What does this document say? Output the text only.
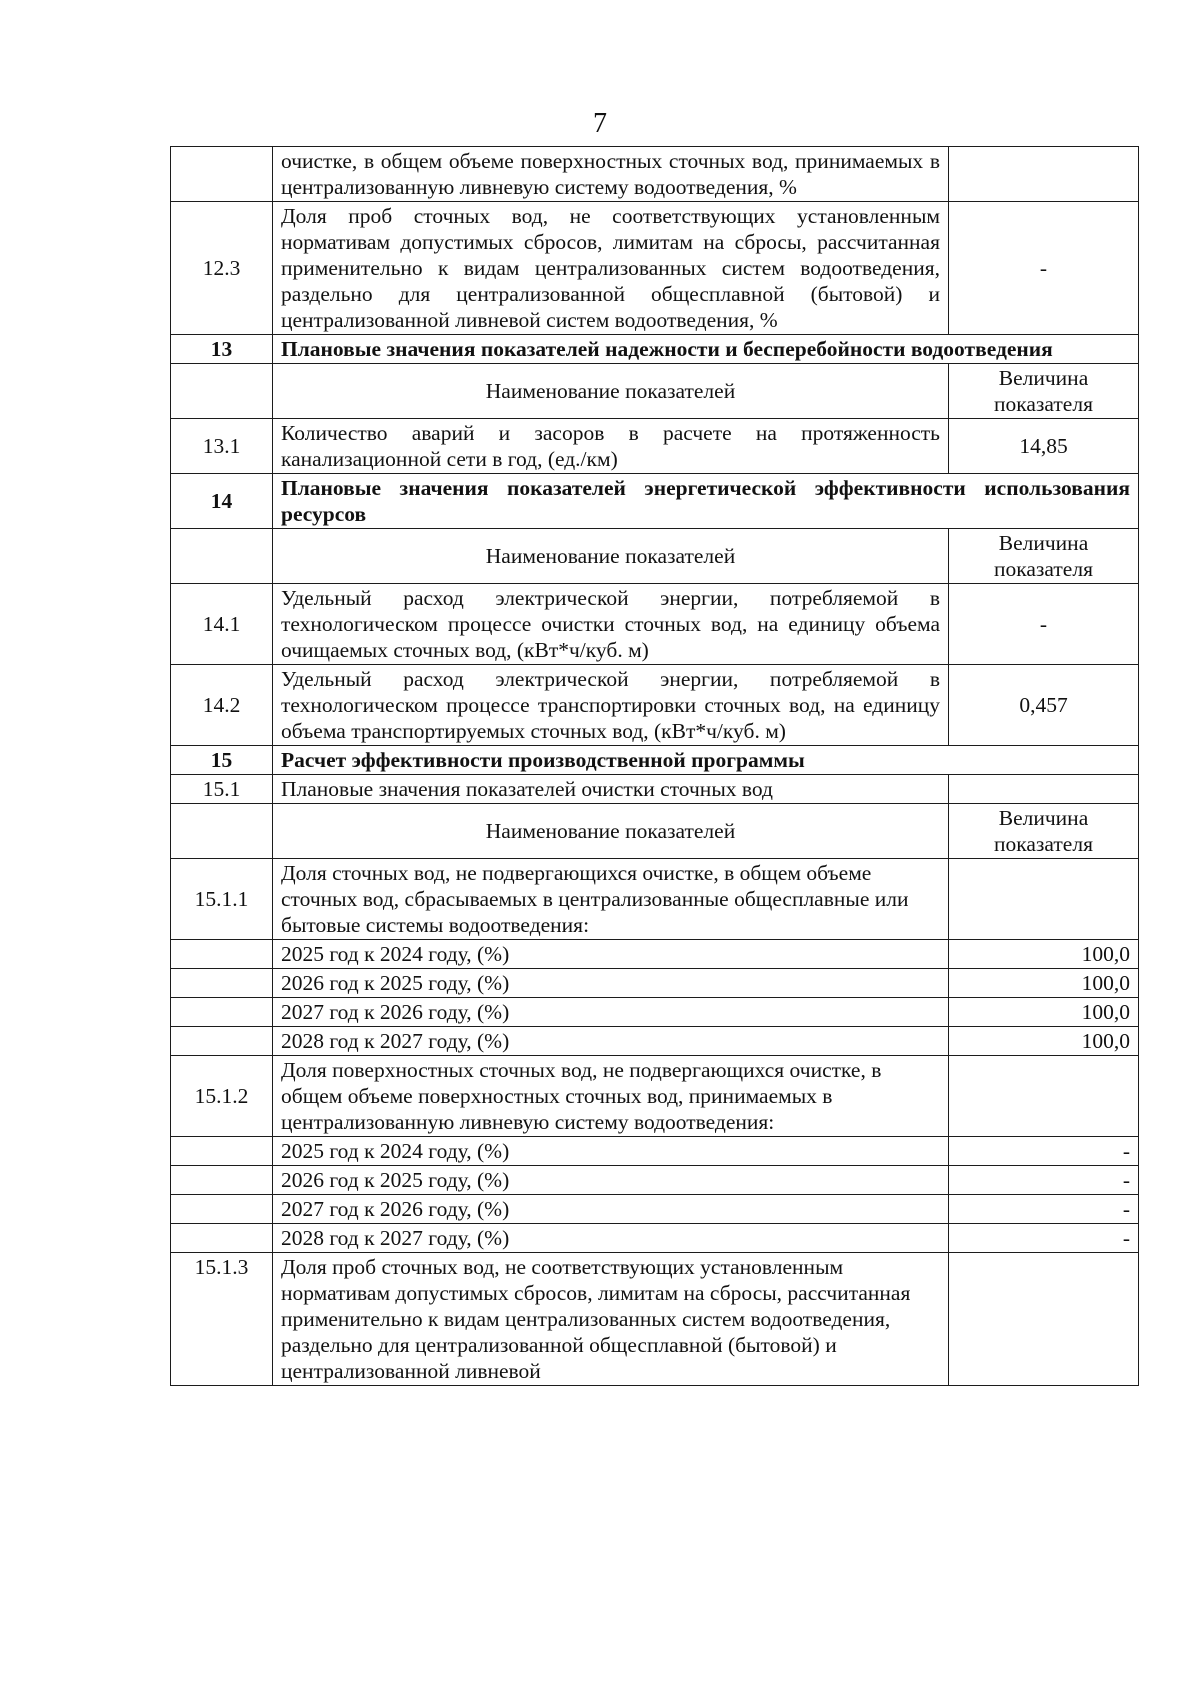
7
	очистке, в общем объеме поверхностных сточных вод, принимаемых в централизованную ливневую систему водоотведения, %	
12.3	Доля проб сточных вод, не соответствующих установленным нормативам допустимых сбросов, лимитам на сбросы, рассчитанная применительно к видам централизованных систем водоотведения, раздельно для централизованной общесплавной (бытовой) и централизованной ливневой систем водоотведения, %	-
13	Плановые значения показателей надежности и бесперебойности водоотведения	
	Наименование показателей	Величина показателя
13.1	Количество аварий и засоров в расчете на протяженность канализационной сети в год, (ед./км)	14,85
14	Плановые значения показателей энергетической эффективности использования ресурсов	
	Наименование показателей	Величина показателя
14.1	Удельный расход электрической энергии, потребляемой в технологическом процессе очистки сточных вод, на единицу объема очищаемых сточных вод, (кВт*ч/куб. м)	-
14.2	Удельный расход электрической энергии, потребляемой в технологическом процессе транспортировки сточных вод, на единицу объема транспортируемых сточных вод, (кВт*ч/куб. м)	0,457
15	Расчет эффективности производственной программы	
15.1	Плановые значения показателей очистки сточных вод	
	Наименование показателей	Величина показателя
15.1.1	Доля сточных вод, не подвергающихся очистке, в общем объеме сточных вод, сбрасываемых в централизованные общесплавные или бытовые системы водоотведения:	
	2025 год к 2024 году, (%)	100,0
	2026 год к 2025 году, (%)	100,0
	2027 год к 2026 году, (%)	100,0
	2028 год к 2027 году, (%)	100,0
15.1.2	Доля поверхностных сточных вод, не подвергающихся очистке, в общем объеме поверхностных сточных вод, принимаемых в централизованную ливневую систему водоотведения:	
	2025 год к 2024 году, (%)	-
	2026 год к 2025 году, (%)	-
	2027 год к 2026 году, (%)	-
	2028 год к 2027 году, (%)	-
15.1.3	Доля проб сточных вод, не соответствующих установленным нормативам допустимых сбросов, лимитам на сбросы, рассчитанная применительно к видам централизованных систем водоотведения, раздельно для централизованной общесплавной (бытовой) и централизованной ливневой	
